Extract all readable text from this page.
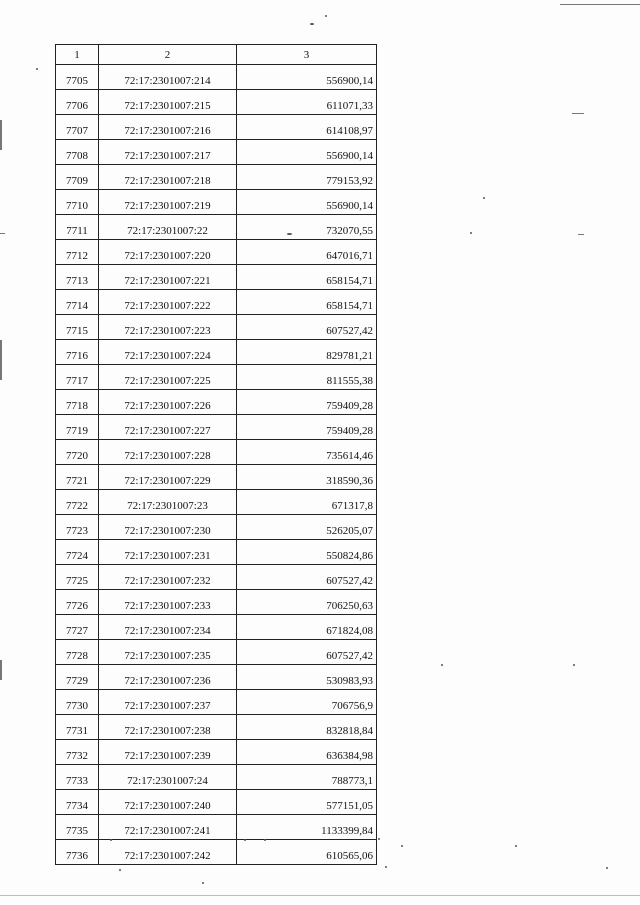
1	2	3
7705	72:17:2301007:214	556900,14
7706	72:17:2301007:215	611071,33
7707	72:17:2301007:216	614108,97
7708	72:17:2301007:217	556900,14
7709	72:17:2301007:218	779153,92
7710	72:17:2301007:219	556900,14
7711	72:17:2301007:22	732070,55
7712	72:17:2301007:220	647016,71
7713	72:17:2301007:221	658154,71
7714	72:17:2301007:222	658154,71
7715	72:17:2301007:223	607527,42
7716	72:17:2301007:224	829781,21
7717	72:17:2301007:225	811555,38
7718	72:17:2301007:226	759409,28
7719	72:17:2301007:227	759409,28
7720	72:17:2301007:228	735614,46
7721	72:17:2301007:229	318590,36
7722	72:17:2301007:23	671317,8
7723	72:17:2301007:230	526205,07
7724	72:17:2301007:231	550824,86
7725	72:17:2301007:232	607527,42
7726	72:17:2301007:233	706250,63
7727	72:17:2301007:234	671824,08
7728	72:17:2301007:235	607527,42
7729	72:17:2301007:236	530983,93
7730	72:17:2301007:237	706756,9
7731	72:17:2301007:238	832818,84
7732	72:17:2301007:239	636384,98
7733	72:17:2301007:24	788773,1
7734	72:17:2301007:240	577151,05
7735	72:17:2301007:241	1133399,84
7736	72:17:2301007:242	610565,06
